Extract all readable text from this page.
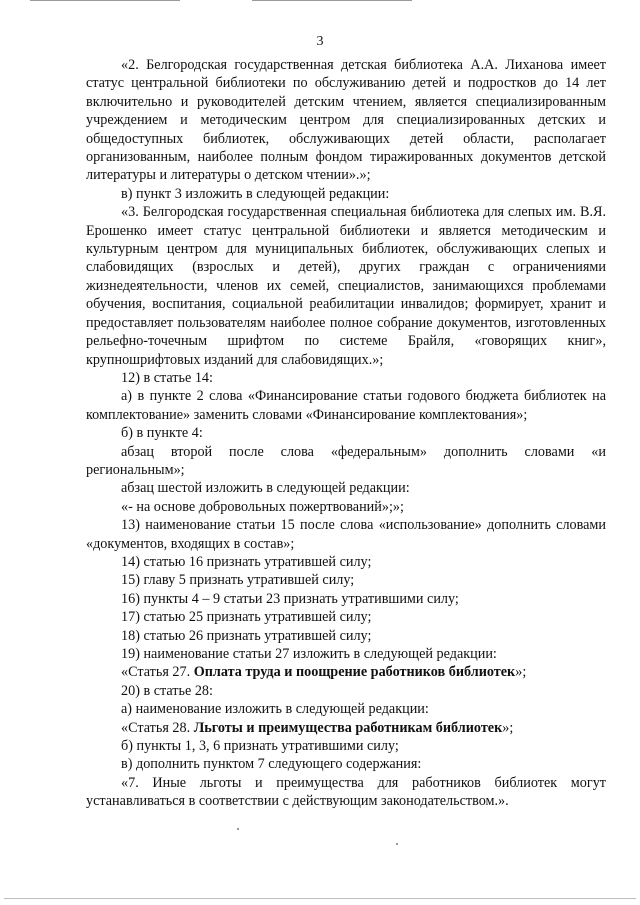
3

«2. Белгородская государственная детская библиотека А.А. Лиханова имеет статус центральной библиотеки по обслуживанию детей и подростков до 14 лет включительно и руководителей детским чтением, является специализированным учреждением и методическим центром для специализированных детских и общедоступных библиотек, обслуживающих детей области, располагает организованным, наиболее полным фондом тиражированных документов детской литературы и литературы о детском чтении».»;

в) пункт 3 изложить в следующей редакции:

«3. Белгородская государственная специальная библиотека для слепых им. В.Я. Ерошенко имеет статус центральной библиотеки и является методическим и культурным центром для муниципальных библиотек, обслуживающих слепых и слабовидящих (взрослых и детей), других граждан с ограничениями жизнедеятельности, членов их семей, специалистов, занимающихся проблемами обучения, воспитания, социальной реабилитации инвалидов; формирует, хранит и предоставляет пользователям наиболее полное собрание документов, изготовленных рельефно-точечным шрифтом по системе Брайля, «говорящих книг», крупношрифтовых изданий для слабовидящих.»;

12) в статье 14:

а) в пункте 2 слова «Финансирование статьи годового бюджета библиотек на комплектование» заменить словами «Финансирование комплектования»;

б) в пункте 4:

абзац второй после слова «федеральным» дополнить словами «и региональным»;

абзац шестой изложить в следующей редакции:

«- на основе добровольных пожертвований»;»;

13) наименование статьи 15 после слова «использование» дополнить словами «документов, входящих в состав»;

14) статью 16 признать утратившей силу;

15) главу 5 признать утратившей силу;

16) пункты 4 – 9 статьи 23 признать утратившими силу;

17) статью 25 признать утратившей силу;

18) статью 26 признать утратившей силу;

19) наименование статьи 27 изложить в следующей редакции:

«Статья 27. Оплата труда и поощрение работников библиотек»;

20) в статье 28:

а) наименование изложить в следующей редакции:

«Статья 28. Льготы и преимущества работникам библиотек»;

б) пункты 1, 3, 6 признать утратившими силу;

в) дополнить пунктом 7 следующего содержания:

«7. Иные льготы и преимущества для работников библиотек могут устанавливаться в соответствии с действующим законодательством.».
